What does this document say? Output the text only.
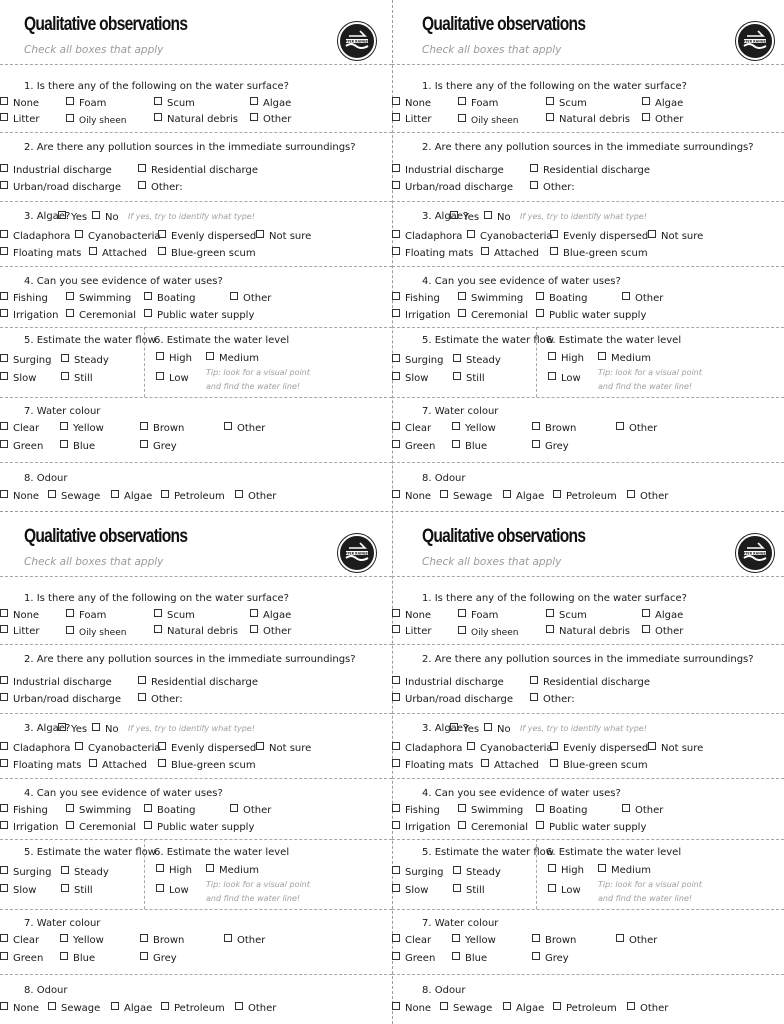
Qualitative observations
Check all boxes that apply
WATER RANGERS
1. Is there any of the following on the water surface?
None	Foam	Scum	Algae
Litter	Oily sheen	Natural debris	Other
2. Are there any pollution sources in the immediate surroundings?
Industrial discharge	Residential discharge
Urban/road discharge	Other:
3. Algae? Yes	No If yes, try to identify what type!
Cladaphora	Cyanobacteria	Evenly dispersed	Not sure
Floating mats	Attached	Blue-green scum
4. Can you see evidence of water uses?
Fishing	Swimming	Boating	Other
Irrigation	Ceremonial	Public water supply
5. Estimate the water flow
Surging	Steady
Slow	Still
6. Estimate the water level
High	Medium
Low
Tip: look for a visual point
and find the water line!
7. Water colour
Clear	Yellow	Brown	Other
Green	Blue	Grey
8. Odour
None	Sewage	Algae	Petroleum	Other
Qualitative observations
Check all boxes that apply
WATER RANGERS
1. Is there any of the following on the water surface?
None	Foam	Scum	Algae
Litter	Oily sheen	Natural debris	Other
2. Are there any pollution sources in the immediate surroundings?
Industrial discharge	Residential discharge
Urban/road discharge	Other:
3. Algae?
Yes	No If yes, try to identify what type!
Cladaphora	Cyanobacteria	Evenly dispersed	Not sure
Floating mats	Attached	Blue-green scum
4. Can you see evidence of water uses?
Fishing	Swimming	Boating	Other
Irrigation	Ceremonial	Public water supply
5. Estimate the water flow
Surging	Steady
Slow	Still
6. Estimate the water level
High	Medium
Low
Tip: look for a visual point
and find the water line!
7. Water colour
Clear	Yellow	Brown	Other
Green	Blue	Grey
8. Odour
None	Sewage	Algae	Petroleum	Other
Qualitative observations
Check all boxes that apply
WATER RANGERS
1. Is there any of the following on the water surface?
None	Foam	Scum	Algae
Litter	Oily sheen	Natural debris	Other
2. Are there any pollution sources in the immediate surroundings?
Industrial discharge	Residential discharge
Urban/road discharge	Other:
3. Algae? Yes	No If yes, try to identify what type!
Cladaphora	Cyanobacteria	Evenly dispersed	Not sure
Floating mats	Attached	Blue-green scum
4. Can you see evidence of water uses?
Fishing	Swimming	Boating	Other
Irrigation	Ceremonial	Public water supply
5. Estimate the water flow
Surging	Steady
Slow	Still
6. Estimate the water level
High	Medium
Low
Tip: look for a visual point
and find the water line!
7. Water colour
Clear	Yellow	Brown	Other
Green	Blue	Grey
8. Odour
None	Sewage	Algae	Petroleum	Other
Qualitative observations
Check all boxes that apply
WATER RANGERS
1. Is there any of the following on the water surface?
None	Foam	Scum	Algae
Litter	Oily sheen	Natural debris	Other
2. Are there any pollution sources in the immediate surroundings?
Industrial discharge	Residential discharge
Urban/road discharge	Other:
3. Algae?
Yes	No If yes, try to identify what type!
Cladaphora	Cyanobacteria	Evenly dispersed	Not sure
Floating mats	Attached	Blue-green scum
4. Can you see evidence of water uses?
Fishing	Swimming	Boating	Other
Irrigation	Ceremonial	Public water supply
5. Estimate the water flow
Surging	Steady
Slow	Still
6. Estimate the water level
High	Medium
Low
Tip: look for a visual point
and find the water line!
7. Water colour
Clear	Yellow	Brown	Other
Green	Blue	Grey
8. Odour
None	Sewage	Algae	Petroleum	Other
